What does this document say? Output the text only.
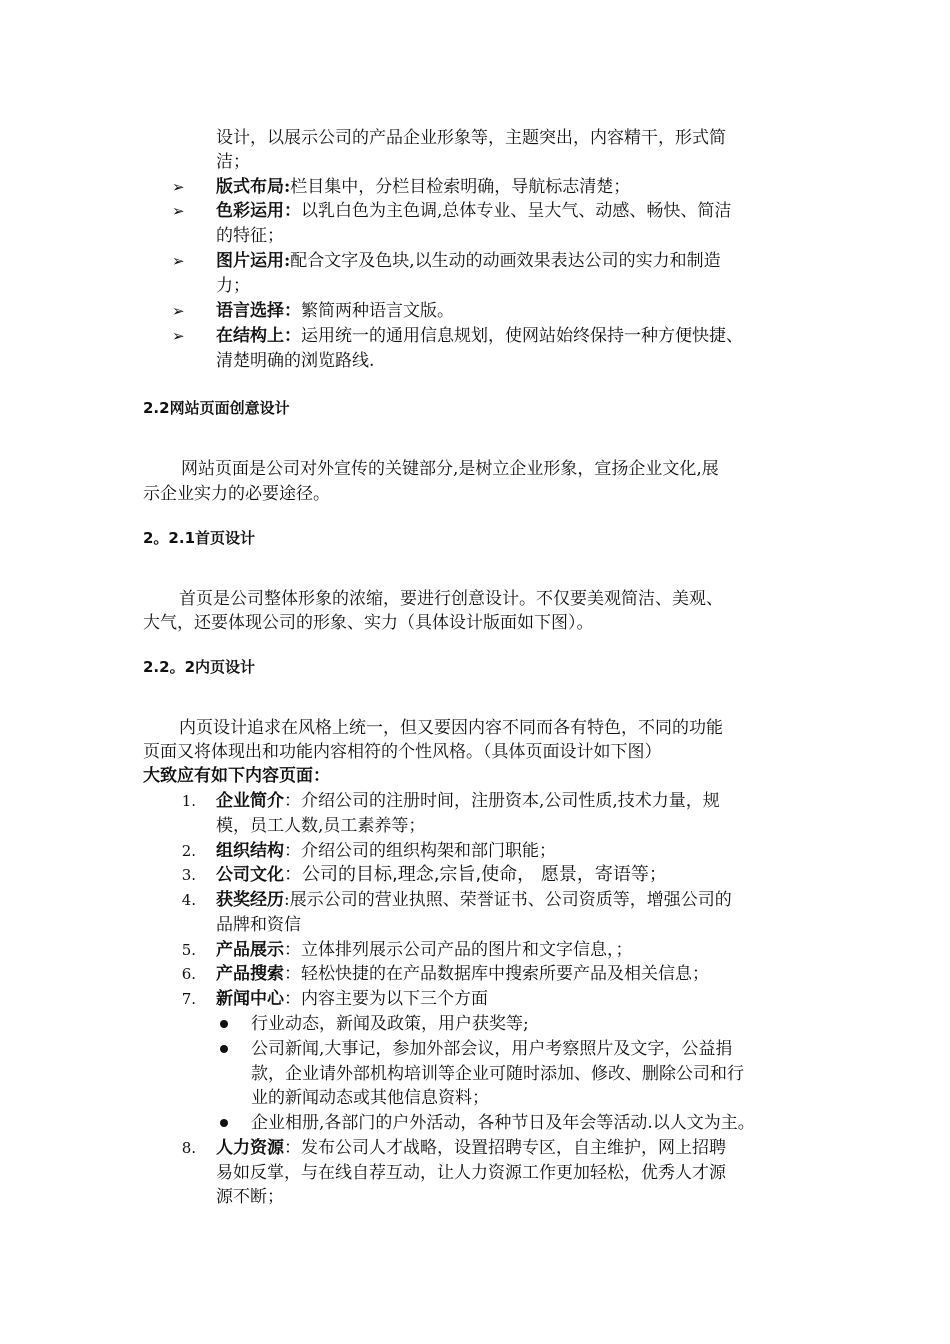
设计，以展示公司的产品企业形象等，主题突出，内容精干，形式简
洁；
➢ 版式布局:栏目集中，分栏目检索明确，导航标志清楚；
➢ 色彩运用：以乳白色为主色调,总体专业、呈大气、动感、畅快、简洁
的特征；
➢ 图片运用:配合文字及色块,以生动的动画效果表达公司的实力和制造
力；
➢ 语言选择：繁简两种语言文版。
➢ 在结构上：运用统一的通用信息规划，使网站始终保持一种方便快捷、
清楚明确的浏览路线.
2.2网站页面创意设计
网站页面是公司对外宣传的关键部分,是树立企业形象，宣扬企业文化,展
示企业实力的必要途径。
2。2.1首页设计
首页是公司整体形象的浓缩，要进行创意设计。不仅要美观简洁、美观、
大气，还要体现公司的形象、实力（具体设计版面如下图）。
2.2。2内页设计
内页设计追求在风格上统一，但又要因内容不同而各有特色，不同的功能
页面又将体现出和功能内容相符的个性风格。（具体页面设计如下图）
大致应有如下内容页面：
1. 企业简介：介绍公司的注册时间，注册资本,公司性质,技术力量，规
模，员工人数,员工素养等；
2. 组织结构：介绍公司的组织构架和部门职能；
3. 公司文化：公司的目标,理念,宗旨,使命， 愿景，寄语等；
4. 获奖经历:展示公司的营业执照、荣誉证书、公司资质等，增强公司的
品牌和资信
5. 产品展示：立体排列展示公司产品的图片和文字信息，；
6. 产品搜索：轻松快捷的在产品数据库中搜索所要产品及相关信息；
7. 新闻中心：内容主要为以下三个方面
行业动态，新闻及政策，用户获奖等;
公司新闻,大事记，参加外部会议，用户考察照片及文字，公益捐
款，企业请外部机构培训等企业可随时添加、修改、删除公司和行
业的新闻动态或其他信息资料；
企业相册,各部门的户外活动，各种节日及年会等活动.以人文为主。
8. 人力资源：发布公司人才战略，设置招聘专区，自主维护，网上招聘
易如反掌，与在线自荐互动，让人力资源工作更加轻松，优秀人才源
源不断；
